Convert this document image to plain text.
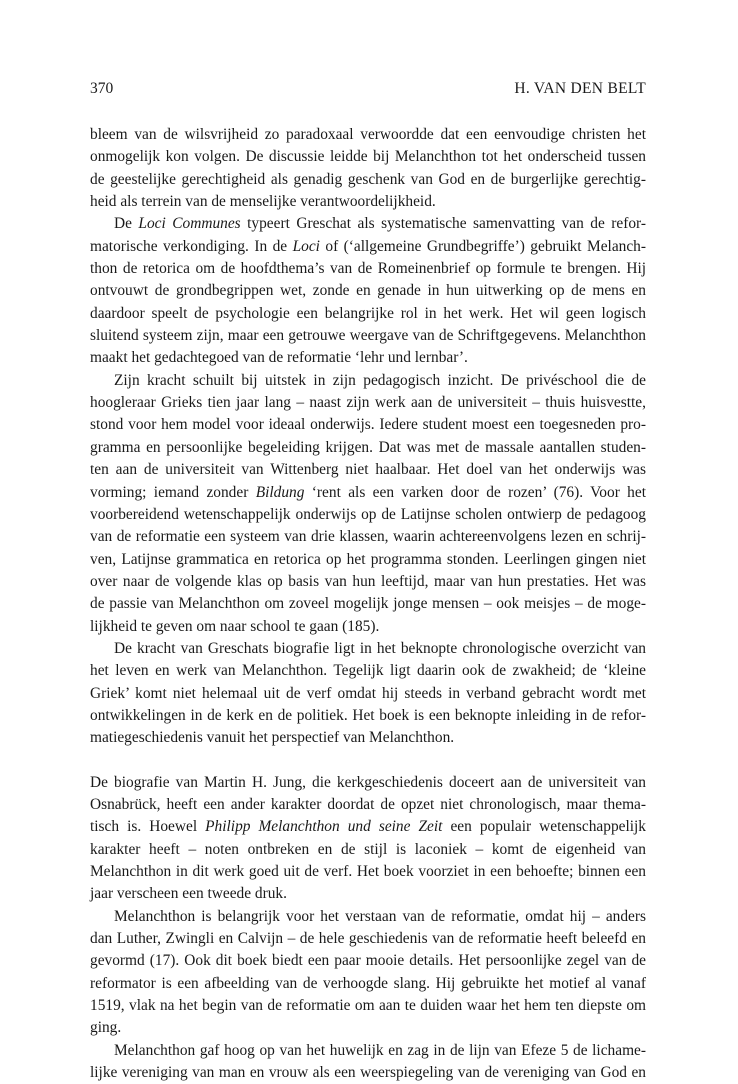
370	H. VAN DEN BELT

bleem van de wilsvrijheid zo paradoxaal verwoordde dat een eenvoudige christen het
onmogelijk kon volgen. De discussie leidde bij Melanchthon tot het onderscheid tussen
de geestelijke gerechtigheid als genadig geschenk van God en de burgerlijke gerechtig-
heid als terrein van de menselijke verantwoordelijkheid.

De Loci Communes typeert Greschat als systematische samenvatting van de refor-
matorische verkondiging. In de Loci of (‘allgemeine Grundbegriffe’) gebruikt Melanch-
thon de retorica om de hoofdthema’s van de Romeinenbrief op formule te brengen. Hij
ontvouwt de grondbegrippen wet, zonde en genade in hun uitwerking op de mens en
daardoor speelt de psychologie een belangrijke rol in het werk. Het wil geen logisch
sluitend systeem zijn, maar een getrouwe weergave van de Schriftgegevens. Melanchthon
maakt het gedachtegoed van de reformatie ‘lehr und lernbar’.

Zijn kracht schuilt bij uitstek in zijn pedagogisch inzicht. De privéschool die de
hoogleraar Grieks tien jaar lang – naast zijn werk aan de universiteit – thuis huisvestte,
stond voor hem model voor ideaal onderwijs. Iedere student moest een toegesneden pro-
gramma en persoonlijke begeleiding krijgen. Dat was met de massale aantallen studen-
ten aan de universiteit van Wittenberg niet haalbaar. Het doel van het onderwijs was
vorming; iemand zonder Bildung ‘rent als een varken door de rozen’ (76). Voor het
voorbereidend wetenschappelijk onderwijs op de Latijnse scholen ontwierp de pedagoog
van de reformatie een systeem van drie klassen, waarin achtereenvolgens lezen en schrij-
ven, Latijnse grammatica en retorica op het programma stonden. Leerlingen gingen niet
over naar de volgende klas op basis van hun leeftijd, maar van hun prestaties. Het was
de passie van Melanchthon om zoveel mogelijk jonge mensen – ook meisjes – de moge-
lijkheid te geven om naar school te gaan (185).

De kracht van Greschats biografie ligt in het beknopte chronologische overzicht van
het leven en werk van Melanchthon. Tegelijk ligt daarin ook de zwakheid; de ‘kleine
Griek’ komt niet helemaal uit de verf omdat hij steeds in verband gebracht wordt met
ontwikkelingen in de kerk en de politiek. Het boek is een beknopte inleiding in de refor-
matiegeschiedenis vanuit het perspectief van Melanchthon.

De biografie van Martin H. Jung, die kerkgeschiedenis doceert aan de universiteit van
Osnabrück, heeft een ander karakter doordat de opzet niet chronologisch, maar thema-
tisch is. Hoewel Philipp Melanchthon und seine Zeit een populair wetenschappelijk
karakter heeft – noten ontbreken en de stijl is laconiek – komt de eigenheid van
Melanchthon in dit werk goed uit de verf. Het boek voorziet in een behoefte; binnen een
jaar verscheen een tweede druk.

Melanchthon is belangrijk voor het verstaan van de reformatie, omdat hij – anders
dan Luther, Zwingli en Calvijn – de hele geschiedenis van de reformatie heeft beleefd en
gevormd (17). Ook dit boek biedt een paar mooie details. Het persoonlijke zegel van de
reformator is een afbeelding van de verhoogde slang. Hij gebruikte het motief al vanaf
1519, vlak na het begin van de reformatie om aan te duiden waar het hem ten diepste om
ging.

Melanchthon gaf hoog op van het huwelijk en zag in de lijn van Efeze 5 de lichame-
lijke vereniging van man en vrouw als een weerspiegeling van de vereniging van God en
